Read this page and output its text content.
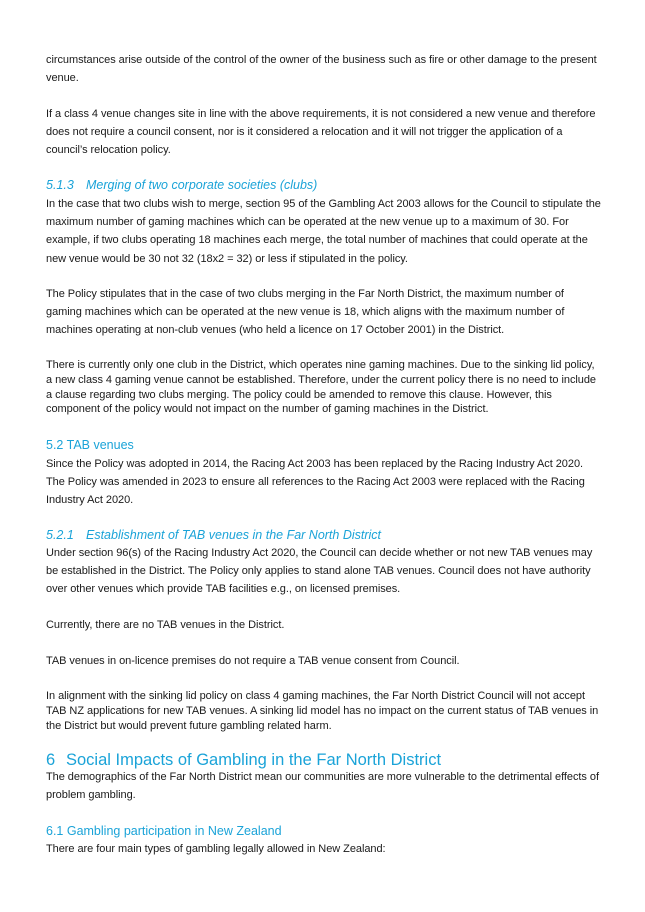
circumstances arise outside of the control of the owner of the business such as fire or other damage to the present venue.

If a class 4 venue changes site in line with the above requirements, it is not considered a new venue and therefore does not require a council consent, nor is it considered a relocation and it will not trigger the application of a council’s relocation policy.

5.1.3 Merging of two corporate societies (clubs)

In the case that two clubs wish to merge, section 95 of the Gambling Act 2003 allows for the Council to stipulate the maximum number of gaming machines which can be operated at the new venue up to a maximum of 30. For example, if two clubs operating 18 machines each merge, the total number of machines that could operate at the new venue would be 30 not 32 (18x2 = 32) or less if stipulated in the policy.

The Policy stipulates that in the case of two clubs merging in the Far North District, the maximum number of gaming machines which can be operated at the new venue is 18, which aligns with the maximum number of machines operating at non-club venues (who held a licence on 17 October 2001) in the District.

There is currently only one club in the District, which operates nine gaming machines. Due to the sinking lid policy, a new class 4 gaming venue cannot be established. Therefore, under the current policy there is no need to include a clause regarding two clubs merging. The policy could be amended to remove this clause. However, this component of the policy would not impact on the number of gaming machines in the District.

5.2 TAB venues

Since the Policy was adopted in 2014, the Racing Act 2003 has been replaced by the Racing Industry Act 2020. The Policy was amended in 2023 to ensure all references to the Racing Act 2003 were replaced with the Racing Industry Act 2020.

5.2.1 Establishment of TAB venues in the Far North District

Under section 96(s) of the Racing Industry Act 2020, the Council can decide whether or not new TAB venues may be established in the District. The Policy only applies to stand alone TAB venues. Council does not have authority over other venues which provide TAB facilities e.g., on licensed premises.

Currently, there are no TAB venues in the District.

TAB venues in on-licence premises do not require a TAB venue consent from Council.

In alignment with the sinking lid policy on class 4 gaming machines, the Far North District Council will not accept TAB NZ applications for new TAB venues. A sinking lid model has no impact on the current status of TAB venues in the District but would prevent future gambling related harm.

6 Social Impacts of Gambling in the Far North District

The demographics of the Far North District mean our communities are more vulnerable to the detrimental effects of problem gambling.

6.1 Gambling participation in New Zealand

There are four main types of gambling legally allowed in New Zealand:
